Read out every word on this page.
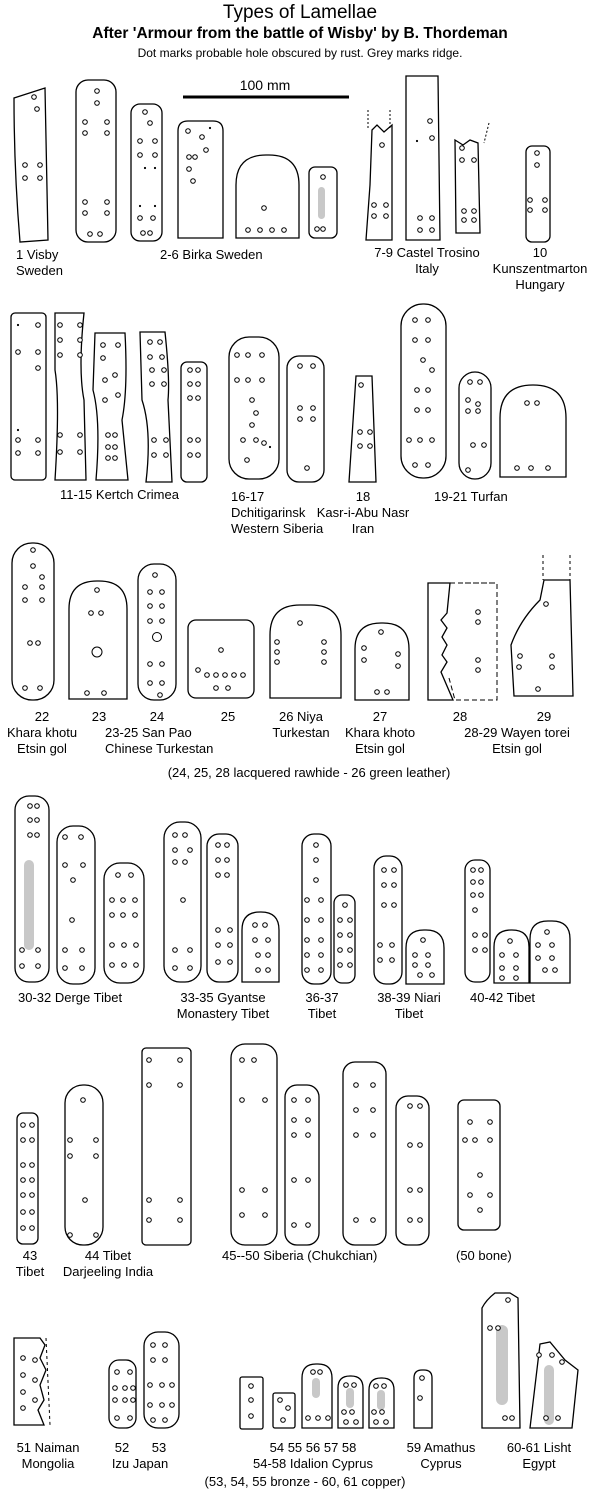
Types of Lamellae
After 'Armour from the battle of Wisby' by B. Thordeman
Dot marks probable hole obscured by rust. Grey marks ridge.
100 mm
1 Visby
Sweden
2-6 Birka Sweden	7-9 Castel Trosino
Italy
10
Kunszentmarton
Hungary
11-15 Kertch Crimea	16-17
Dchitigarinsk
Western Siberia
18
Kasr-i-Abu Nasr
Iran
19-21 Turfan
22
Khara khotu
Etsin gol
23
23-25 San Pao
Chinese Turkestan
24	25	26 Niya
Turkestan
27
Khara khoto
Etsin gol
28
28-29 Wayen torei
Etsin gol
29
(24, 25, 28 lacquered rawhide - 26 green leather)
30-32 Derge Tibet	33-35 Gyantse
Monastery Tibet
36-37
Tibet
38-39 Niari
Tibet
40-42 Tibet
43
Tibet
44 Tibet
Darjeeling India
45--50 Siberia (Chukchian)	(50 bone)
51 Naiman
Mongolia
52 53
Izu Japan
54 55 56 57 58
54-58 Idalion Cyprus
59 Amathus
Cyprus
60-61 Lisht
Egypt
(53, 54, 55 bronze - 60, 61 copper)
